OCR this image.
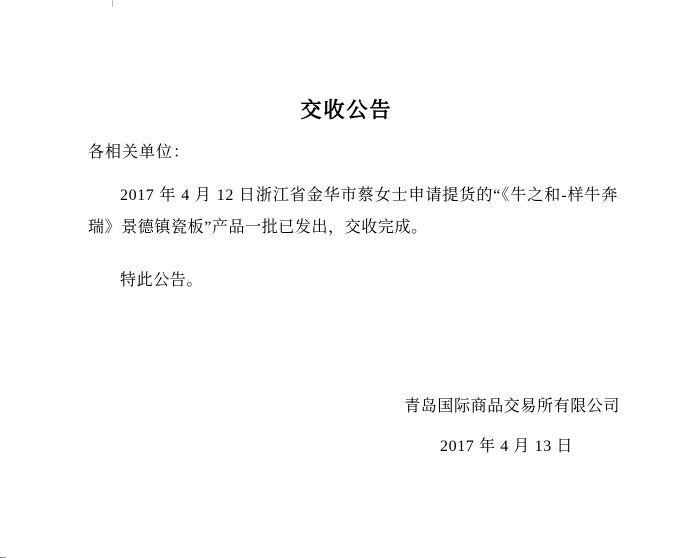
交收公告
各相关单位：
2017 年 4 月 12 日浙江省金华市蔡女士申请提货的“《牛之和-样牛奔瑞》景德镇瓷板”产品一批已发出，交收完成。
特此公告。
青岛国际商品交易所有限公司
2017 年 4 月 13 日
